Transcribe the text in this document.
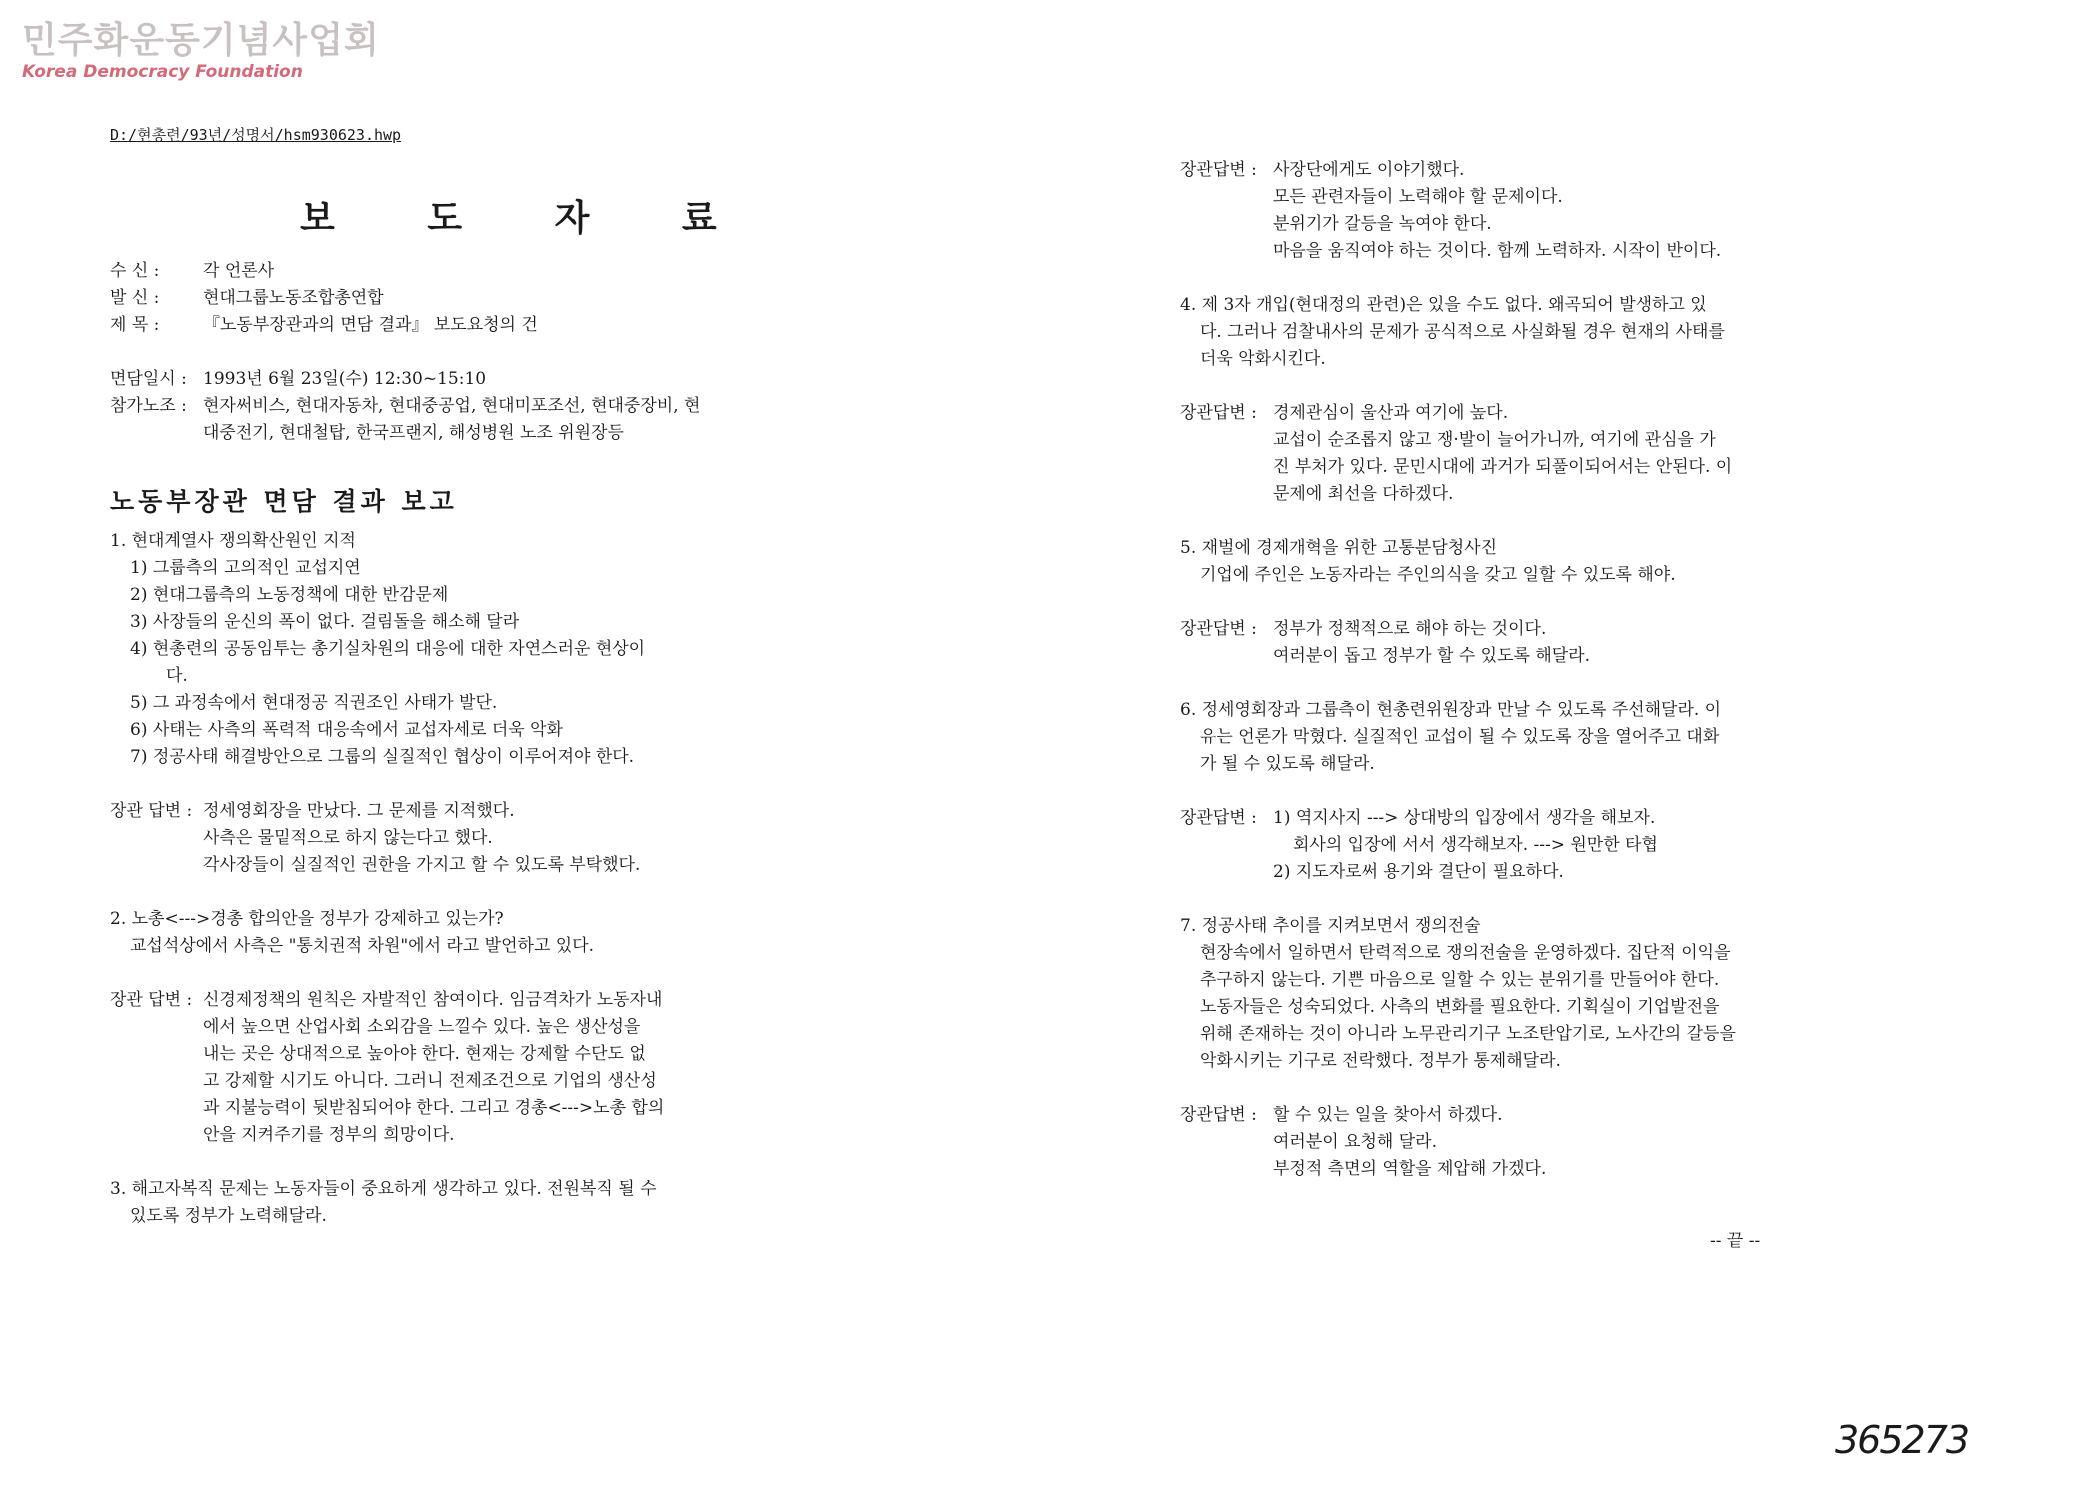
민주화운동기념사업회
Korea Democracy Foundation
D:/현총련/93년/성명서/hsm930623.hwp
보 도 자 료
수 신 :	각 언론사
발 신 :	현대그룹노동조합총연합
제 목 :	『노동부장관과의 면담 결과』 보도요청의 건
면담일시 : 1993년 6월 23일(수) 12:30~15:10
참가노조 : 현자써비스, 현대자동차, 현대중공업, 현대미포조선, 현대중장비, 현
대중전기, 현대철탑, 한국프랜지, 해성병원 노조 위원장등
노동부장관 면담 결과 보고
1. 현대계열사 쟁의확산원인 지적
1) 그룹측의 고의적인 교섭지연
2) 현대그룹측의 노동정책에 대한 반감문제
3) 사장들의 운신의 폭이 없다. 걸림돌을 해소해 달라
4) 현총련의 공동임투는 총기실차원의 대응에 대한 자연스러운 현상이
다.
5) 그 과정속에서 현대정공 직권조인 사태가 발단.
6) 사태는 사측의 폭력적 대응속에서 교섭자세로 더욱 악화
7) 정공사태 해결방안으로 그룹의 실질적인 협상이 이루어져야 한다.
장관 답변 : 정세영회장을 만났다. 그 문제를 지적했다.
사측은 물밑적으로 하지 않는다고 했다.
각사장들이 실질적인 권한을 가지고 할 수 있도록 부탁했다.
2. 노총<--->경총 합의안을 정부가 강제하고 있는가?
교섭석상에서 사측은 "통치권적 차원"에서 라고 발언하고 있다.
장관 답변 : 신경제정책의 원칙은 자발적인 참여이다. 임금격차가 노동자내
에서 높으면 산업사회 소외감을 느낄수 있다. 높은 생산성을
내는 곳은 상대적으로 높아야 한다. 현재는 강제할 수단도 없
고 강제할 시기도 아니다. 그러니 전제조건으로 기업의 생산성
과 지불능력이 뒷받침되어야 한다. 그리고 경총<--->노총 합의
안을 지켜주기를 정부의 희망이다.
3. 해고자복직 문제는 노동자들이 중요하게 생각하고 있다. 전원복직 될 수
있도록 정부가 노력해달라.
장관답변 : 사장단에게도 이야기했다.
모든 관련자들이 노력해야 할 문제이다.
분위기가 갈등을 녹여야 한다.
마음을 움직여야 하는 것이다. 함께 노력하자. 시작이 반이다.
4. 제 3자 개입(현대정의 관련)은 있을 수도 없다. 왜곡되어 발생하고 있
다. 그러나 검찰내사의 문제가 공식적으로 사실화될 경우 현재의 사태를
더욱 악화시킨다.
장관답변 : 경제관심이 울산과 여기에 높다.
교섭이 순조롭지 않고 쟁·발이 늘어가니까, 여기에 관심을 가
진 부처가 있다. 문민시대에 과거가 되풀이되어서는 안된다. 이
문제에 최선을 다하겠다.
5. 재벌에 경제개혁을 위한 고통분담청사진
기업에 주인은 노동자라는 주인의식을 갖고 일할 수 있도록 해야.
장관답변 : 정부가 정책적으로 해야 하는 것이다.
여러분이 돕고 정부가 할 수 있도록 해달라.
6. 정세영회장과 그룹측이 현총련위원장과 만날 수 있도록 주선해달라. 이
유는 언론가 막혔다. 실질적인 교섭이 될 수 있도록 장을 열어주고 대화
가 될 수 있도록 해달라.
장관답변 : 1) 역지사지 ---> 상대방의 입장에서 생각을 해보자.
회사의 입장에 서서 생각해보자. ---> 원만한 타협
2) 지도자로써 용기와 결단이 필요하다.
7. 정공사태 추이를 지켜보면서 쟁의전술
현장속에서 일하면서 탄력적으로 쟁의전술을 운영하겠다. 집단적 이익을
추구하지 않는다. 기쁜 마음으로 일할 수 있는 분위기를 만들어야 한다.
노동자들은 성숙되었다. 사측의 변화를 필요한다. 기획실이 기업발전을
위해 존재하는 것이 아니라 노무관리기구 노조탄압기로, 노사간의 갈등을
악화시키는 기구로 전락했다. 정부가 통제해달라.
장관답변 : 할 수 있는 일을 찾아서 하겠다.
여러분이 요청해 달라.
부정적 측면의 역할을 제압해 가겠다.
-- 끝 --
365273
